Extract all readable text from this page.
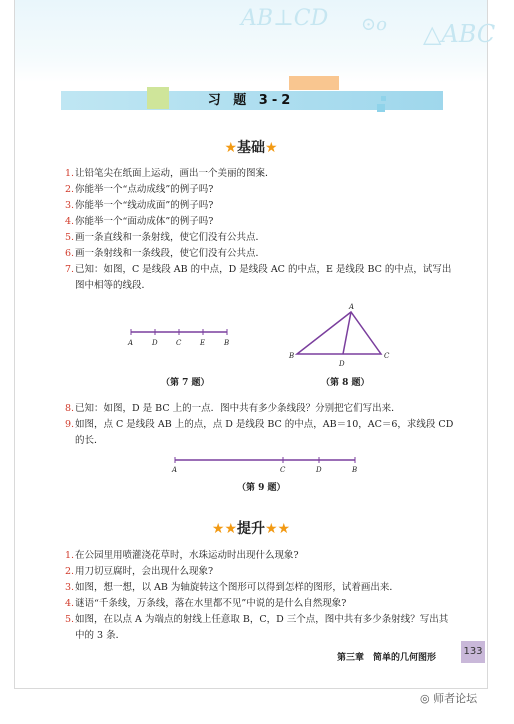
AB⊥CD ⊙o △ABC
习 题 3-2
★基础★
1. 让铅笔尖在纸面上运动，画出一个美丽的图案．
2. 你能举一个“点动成线”的例子吗?
3. 你能举一个“线动成面”的例子吗?
4. 你能举一个“面动成体”的例子吗?
5. 画一条直线和一条射线，使它们没有公共点．
6. 画一条射线和一条线段，使它们没有公共点．
7. 已知：如图，C 是线段 AB 的中点，D 是线段 AC 的中点，E 是线段 BC 的中点，试写出图中相等的线段．
A	D	C	E	B
（第 7 题）
A
B
D
C
（第 8 题）
8. 已知：如图，D 是 BC 上的一点．图中共有多少条线段？分别把它们写出来．
9. 如图，点 C 是线段 AB 上的点，点 D 是线段 BC 的中点，AB＝10，AC＝6，求线段 CD 的长．
A	C	D	B
（第 9 题）
★★提升★★
1. 在公园里用喷灌浇花草时，水珠运动时出现什么现象?
2. 用刀切豆腐时，会出现什么现象?
3. 如图，想一想，以 AB 为轴旋转这个图形可以得到怎样的图形，试着画出来．
4. 谜语“千条线，万条线，落在水里都不见”中说的是什么自然现象?
5. 如图，在以点 A 为端点的射线上任意取 B，C，D 三个点，图中共有多少条射线？写出其中的 3 条．
第三章　简单的几何图形
133
◎ 师者论坛
